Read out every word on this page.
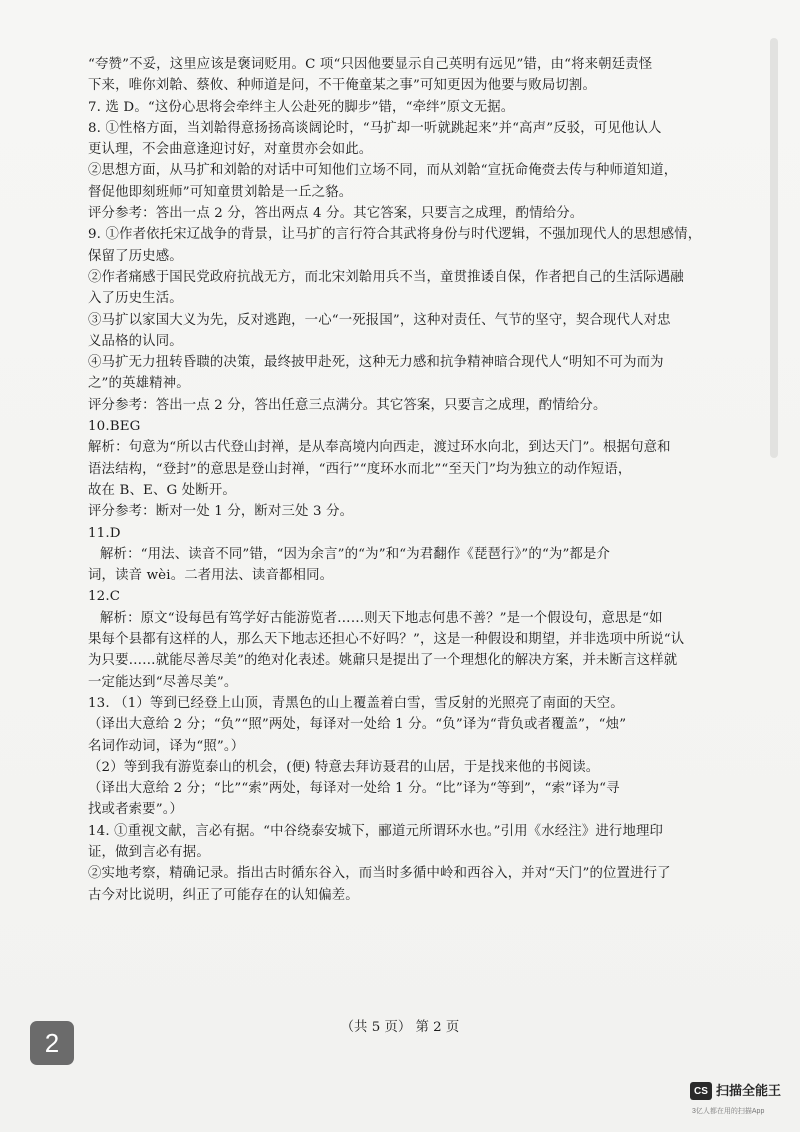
“夸赞”不妥，这里应该是褒词贬用。C 项“只因他要显示自己英明有远见”错，由“将来朝廷责怪
下来，唯你刘韐、蔡攸、种师道是问，不干俺童某之事”可知更因为他要与败局切割。
7. 选 D。“这份心思将会牵绊主人公赴死的脚步”错，“牵绊”原文无据。
8. ①性格方面，当刘韐得意扬扬高谈阔论时，“马扩却一听就跳起来”并“高声”反驳，可见他认人
更认理，不会曲意逢迎讨好，对童贯亦会如此。
②思想方面，从马扩和刘韐的对话中可知他们立场不同，而从刘韐“宣抚命俺赍去传与种师道知道，
督促他即刻班师”可知童贯刘韐是一丘之貉。
评分参考：答出一点 2 分，答出两点 4 分。其它答案，只要言之成理，酌情给分。
9. ①作者依托宋辽战争的背景，让马扩的言行符合其武将身份与时代逻辑，不强加现代人的思想感情，
保留了历史感。
②作者痛感于国民党政府抗战无方，而北宋刘韐用兵不当，童贯推诿自保，作者把自己的生活际遇融
入了历史生活。
③马扩以家国大义为先，反对逃跑，一心“一死报国”，这种对责任、气节的坚守，契合现代人对忠
义品格的认同。
④马扩无力扭转昏聩的决策，最终披甲赴死，这种无力感和抗争精神暗合现代人“明知不可为而为
之”的英雄精神。
评分参考：答出一点 2 分，答出任意三点满分。其它答案，只要言之成理，酌情给分。
10.BEG
解析：句意为“所以古代登山封禅，是从奉高境内向西走，渡过环水向北，到达天门”。根据句意和
语法结构，“登封”的意思是登山封禅，“西行”“度环水而北”“至天门”均为独立的动作短语，
故在 B、E、G 处断开。
评分参考：断对一处 1 分，断对三处 3 分。
11.D
解析：“用法、读音不同”错，“因为余言”的“为”和“为君翻作《琵琶行》”的“为”都是介
词，读音 wèi。二者用法、读音都相同。
12.C
解析：原文“设每邑有笃学好古能游览者……则天下地志何患不善？”是一个假设句，意思是“如
果每个县都有这样的人，那么天下地志还担心不好吗？”，这是一种假设和期望，并非选项中所说“认
为只要……就能尽善尽美”的绝对化表述。姚鼐只是提出了一个理想化的解决方案，并未断言这样就
一定能达到“尽善尽美”。
13. （1）等到已经登上山顶，青黑色的山上覆盖着白雪，雪反射的光照亮了南面的天空。
（译出大意给 2 分；“负”“照”两处，每译对一处给 1 分。“负”译为“背负或者覆盖”，“烛”
名词作动词，译为“照”。）
（2）等到我有游览泰山的机会，(便) 特意去拜访聂君的山居，于是找来他的书阅读。
（译出大意给 2 分；“比”“索”两处，每译对一处给 1 分。“比”译为“等到”，“索”译为“寻
找或者索要”。）
14. ①重视文献，言必有据。“中谷绕泰安城下，郦道元所谓环水也。”引用《水经注》进行地理印
证，做到言必有据。
②实地考察，精确记录。指出古时循东谷入，而当时多循中岭和西谷入，并对“天门”的位置进行了
古今对比说明，纠正了可能存在的认知偏差。
（共 5 页） 第 2 页
2
CS 扫描全能王
3亿人都在用的扫描App
